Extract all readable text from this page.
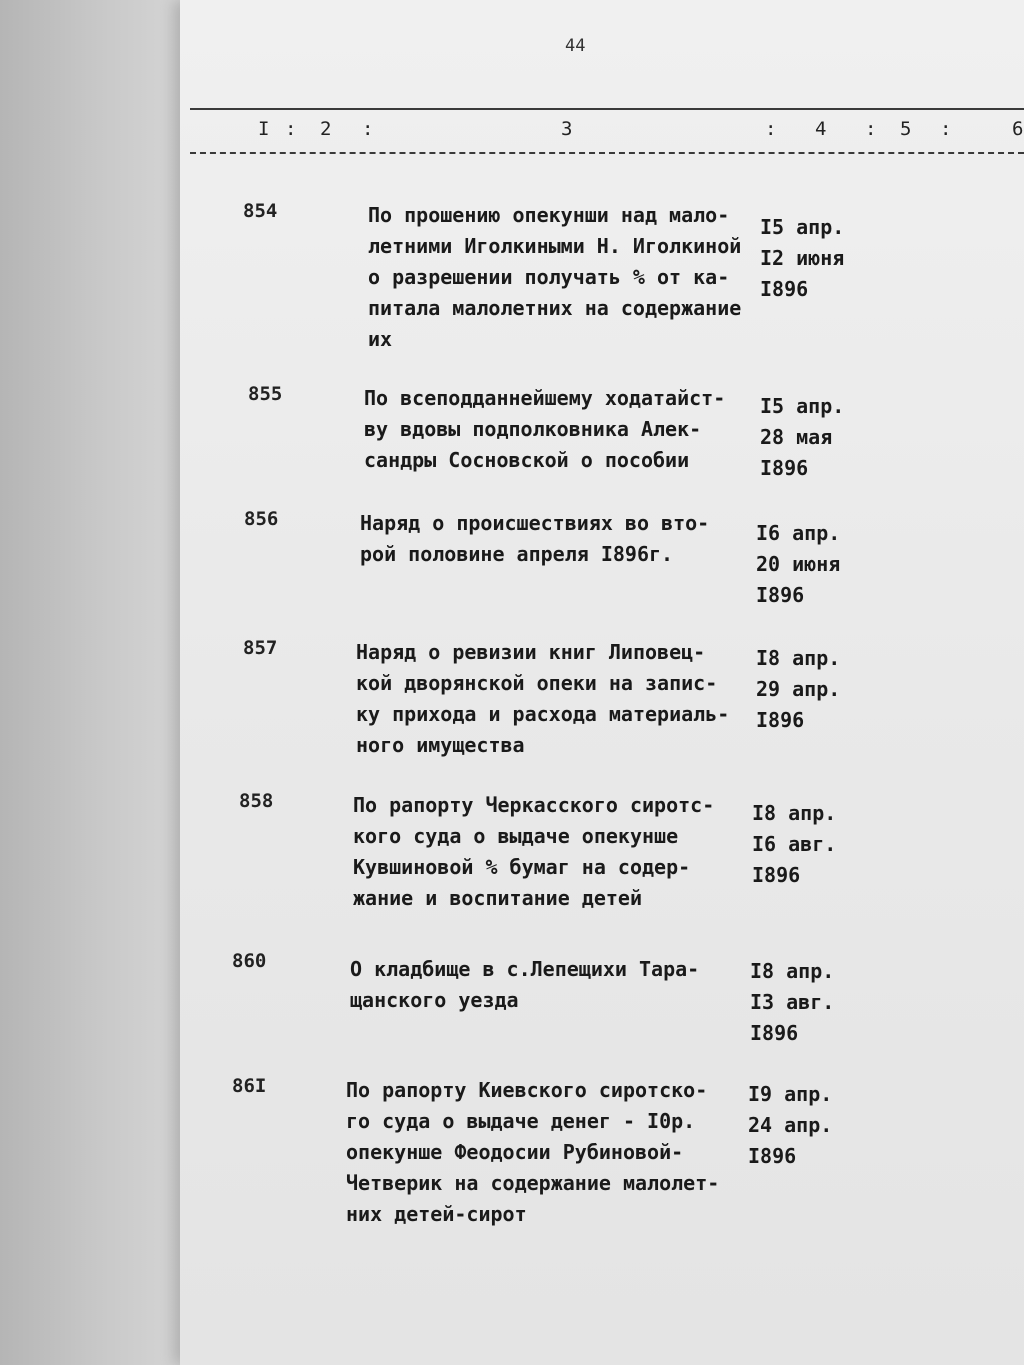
44
I : 2 :	3	: 4 : 5 :	6
854	По прошению опекунши над мало-
летними Иголкиными Н. Иголкиной
о разрешении получать % от ка-
питала малолетних на содержание
их
I5 апр.
I2 июня
I896
855	По всеподданнейшему ходатайст-
ву вдовы подполковника Алек-
сандры Сосновской о пособии
I5 апр.
28 мая
I896
856	Наряд о происшествиях во вто-
рой половине апреля I896г.
I6 апр.
20 июня
I896
857	Наряд о ревизии книг Липовец-
кой дворянской опеки на запис-
ку прихода и расхода материаль-
ного имущества
I8 апр.
29 апр.
I896
858	По рапорту Черкасского сиротс-
кого суда о выдаче опекунше
Кувшиновой % бумаг на содер-
жание и воспитание детей
I8 апр.
I6 авг.
I896
860	О кладбище в с.Лепещихи Тара-
щанского уезда
I8 апр.
I3 авг.
I896
86I	По рапорту Киевского сиротско-
го суда о выдаче денег - I0р.
опекунше Феодосии Рубиновой-
Четверик на содержание малолет-
них детей-сирот
I9 апр.
24 апр.
I896
